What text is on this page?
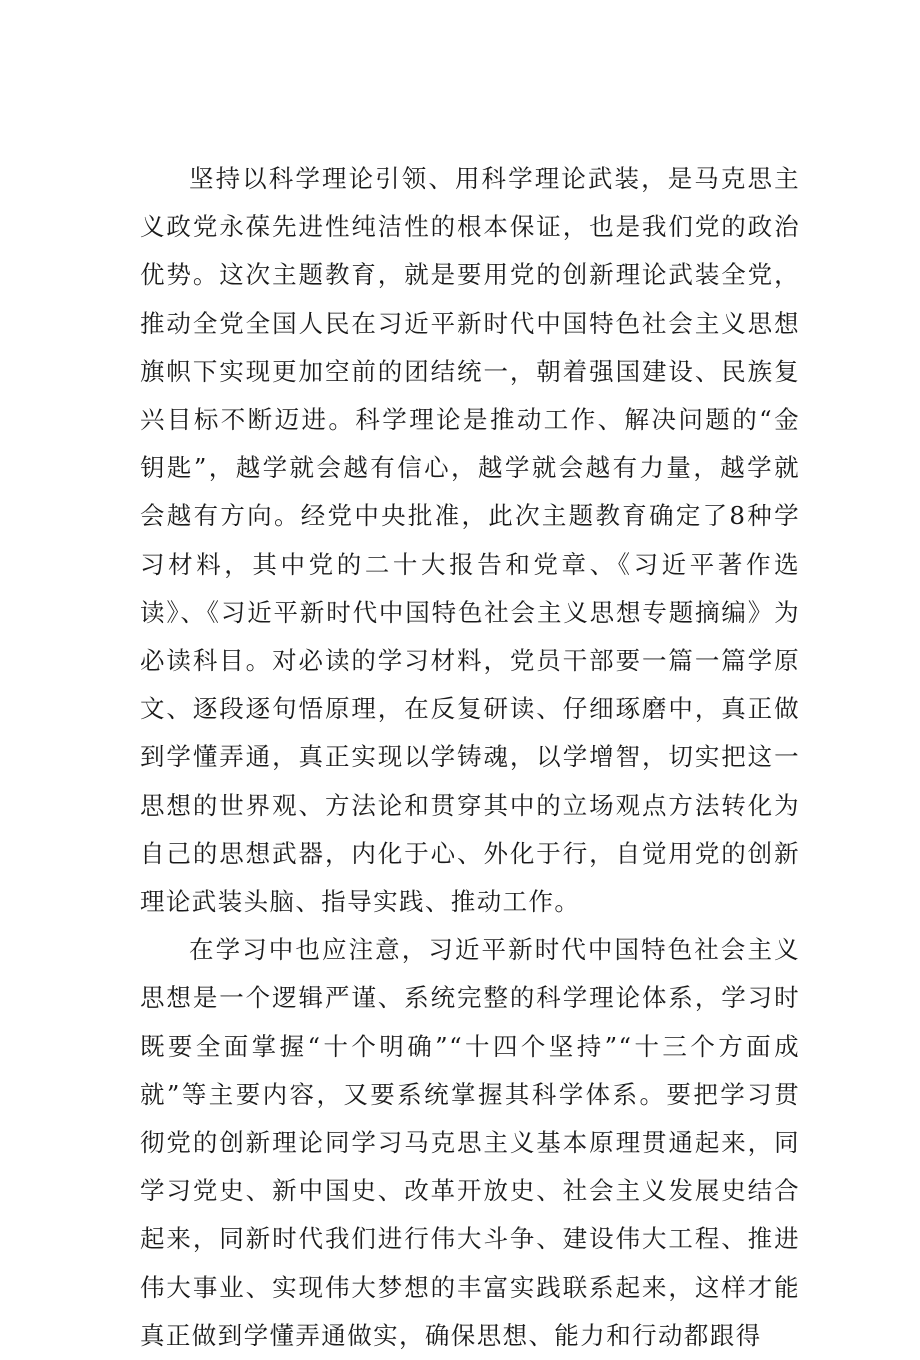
坚持以科学理论引领、用科学理论武装，是马克思主义政党永葆先进性纯洁性的根本保证，也是我们党的政治优势。这次主题教育，就是要用党的创新理论武装全党，推动全党全国人民在习近平新时代中国特色社会主义思想旗帜下实现更加空前的团结统一，朝着强国建设、民族复兴目标不断迈进。科学理论是推动工作、解决问题的“金钥匙”，越学就会越有信心，越学就会越有力量，越学就会越有方向。经党中央批准，此次主题教育确定了8种学习材料，其中党的二十大报告和党章、《习近平著作选读》、《习近平新时代中国特色社会主义思想专题摘编》为必读科目。对必读的学习材料，党员干部要一篇一篇学原文、逐段逐句悟原理，在反复研读、仔细琢磨中，真正做到学懂弄通，真正实现以学铸魂，以学增智，切实把这一思想的世界观、方法论和贯穿其中的立场观点方法转化为自己的思想武器，内化于心、外化于行，自觉用党的创新理论武装头脑、指导实践、推动工作。

在学习中也应注意，习近平新时代中国特色社会主义思想是一个逻辑严谨、系统完整的科学理论体系，学习时既要全面掌握“十个明确”“十四个坚持”“十三个方面成就”等主要内容，又要系统掌握其科学体系。要把学习贯彻党的创新理论同学习马克思主义基本原理贯通起来，同学习党史、新中国史、改革开放史、社会主义发展史结合起来，同新时代我们进行伟大斗争、建设伟大工程、推进伟大事业、实现伟大梦想的丰富实践联系起来，这样才能真正做到学懂弄通做实，确保思想、能力和行动都跟得
